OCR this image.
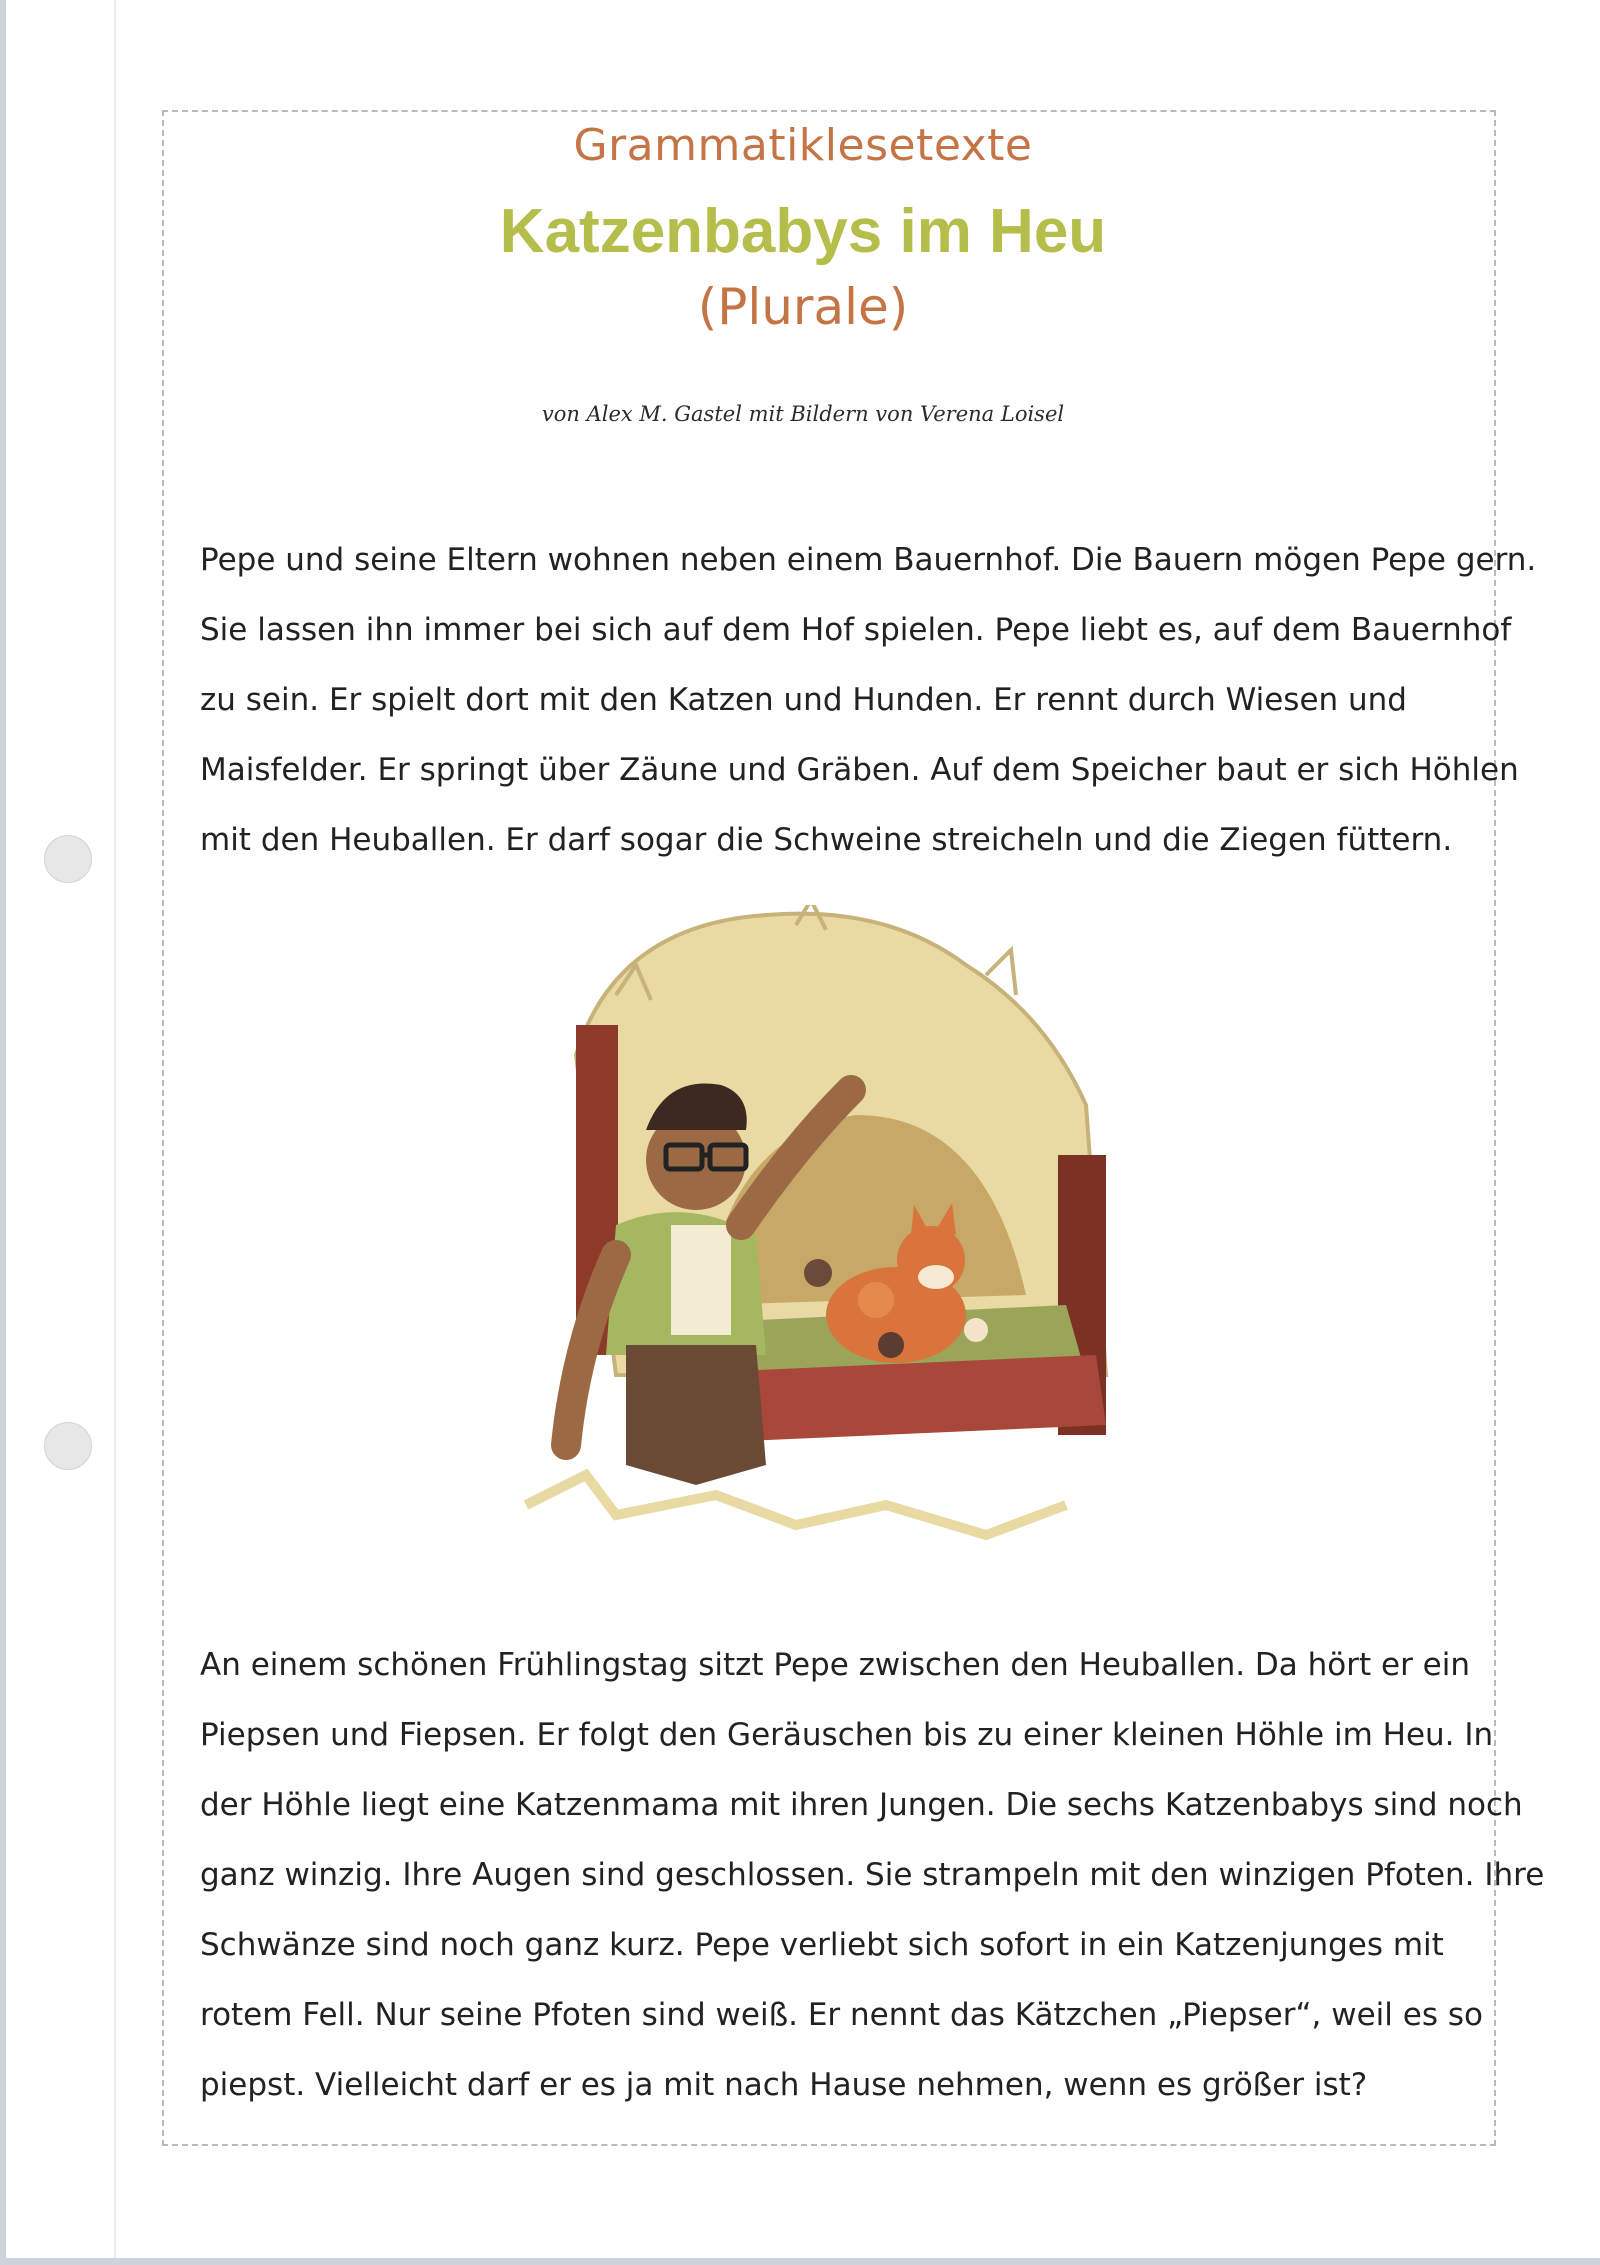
Grammatiklesetexte
Katzenbabys im Heu
(Plurale)
von Alex M. Gastel mit Bildern von Verena Loisel
Pepe und seine Eltern wohnen neben einem Bauernhof. Die Bauern mögen Pepe gern.
Sie lassen ihn immer bei sich auf dem Hof spielen. Pepe liebt es, auf dem Bauernhof
zu sein. Er spielt dort mit den Katzen und Hunden. Er rennt durch Wiesen und
Maisfelder. Er springt über Zäune und Gräben. Auf dem Speicher baut er sich Höhlen
mit den Heuballen. Er darf sogar die Schweine streicheln und die Ziegen füttern.
An einem schönen Frühlingstag sitzt Pepe zwischen den Heuballen. Da hört er ein
Piepsen und Fiepsen. Er folgt den Geräuschen bis zu einer kleinen Höhle im Heu. In
der Höhle liegt eine Katzenmama mit ihren Jungen. Die sechs Katzenbabys sind noch
ganz winzig. Ihre Augen sind geschlossen. Sie strampeln mit den winzigen Pfoten. Ihre
Schwänze sind noch ganz kurz. Pepe verliebt sich sofort in ein Katzenjunges mit
rotem Fell. Nur seine Pfoten sind weiß. Er nennt das Kätzchen „Piepser“, weil es so
piepst. Vielleicht darf er es ja mit nach Hause nehmen, wenn es größer ist?
